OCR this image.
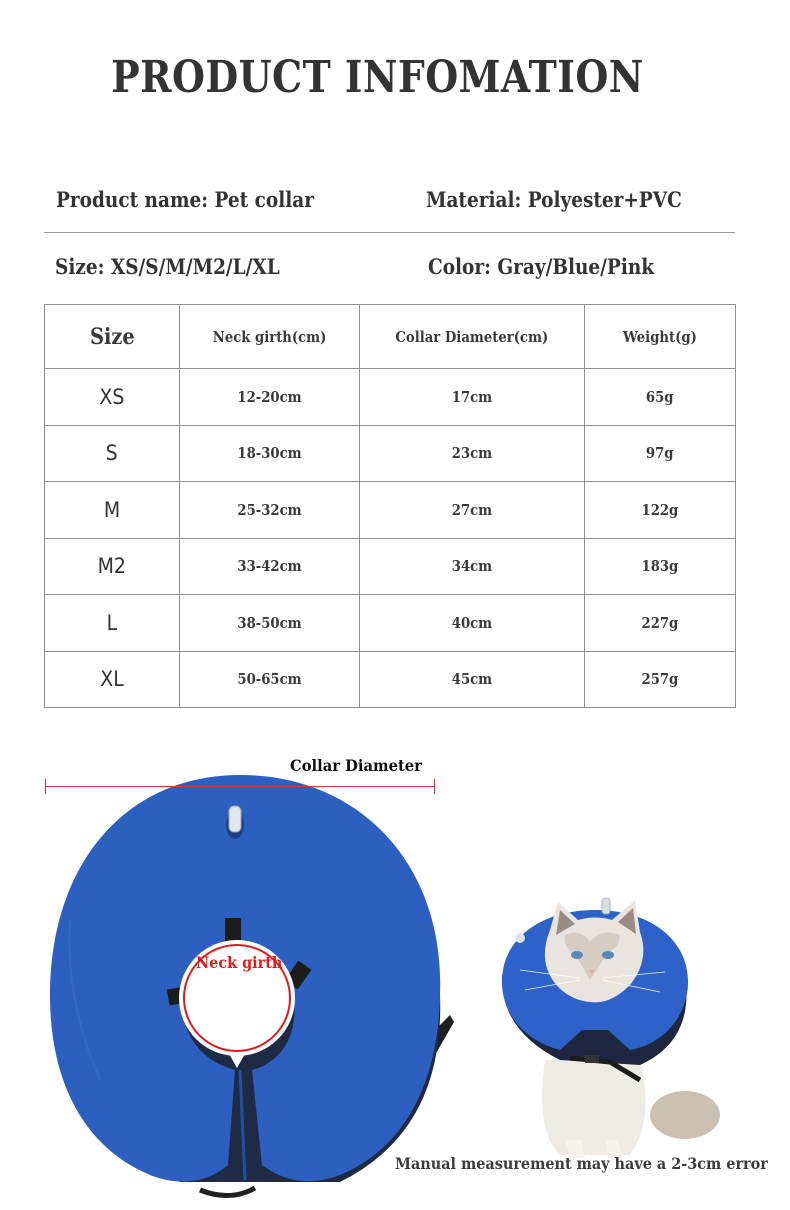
PRODUCT INFOMATION
Product name: Pet collar	Material: Polyester+PVC
Size: XS/S/M/M2/L/XL	Color: Gray/Blue/Pink
Size	Neck girth(cm)	Collar Diameter(cm)	Weight(g)
XS	12-20cm	17cm	65g
S	18-30cm	23cm	97g
M	25-32cm	27cm	122g
M2	33-42cm	34cm	183g
L	38-50cm	40cm	227g
XL	50-65cm	45cm	257g
Collar Diameter
Neck girth
Manual measurement may have a 2-3cm error
